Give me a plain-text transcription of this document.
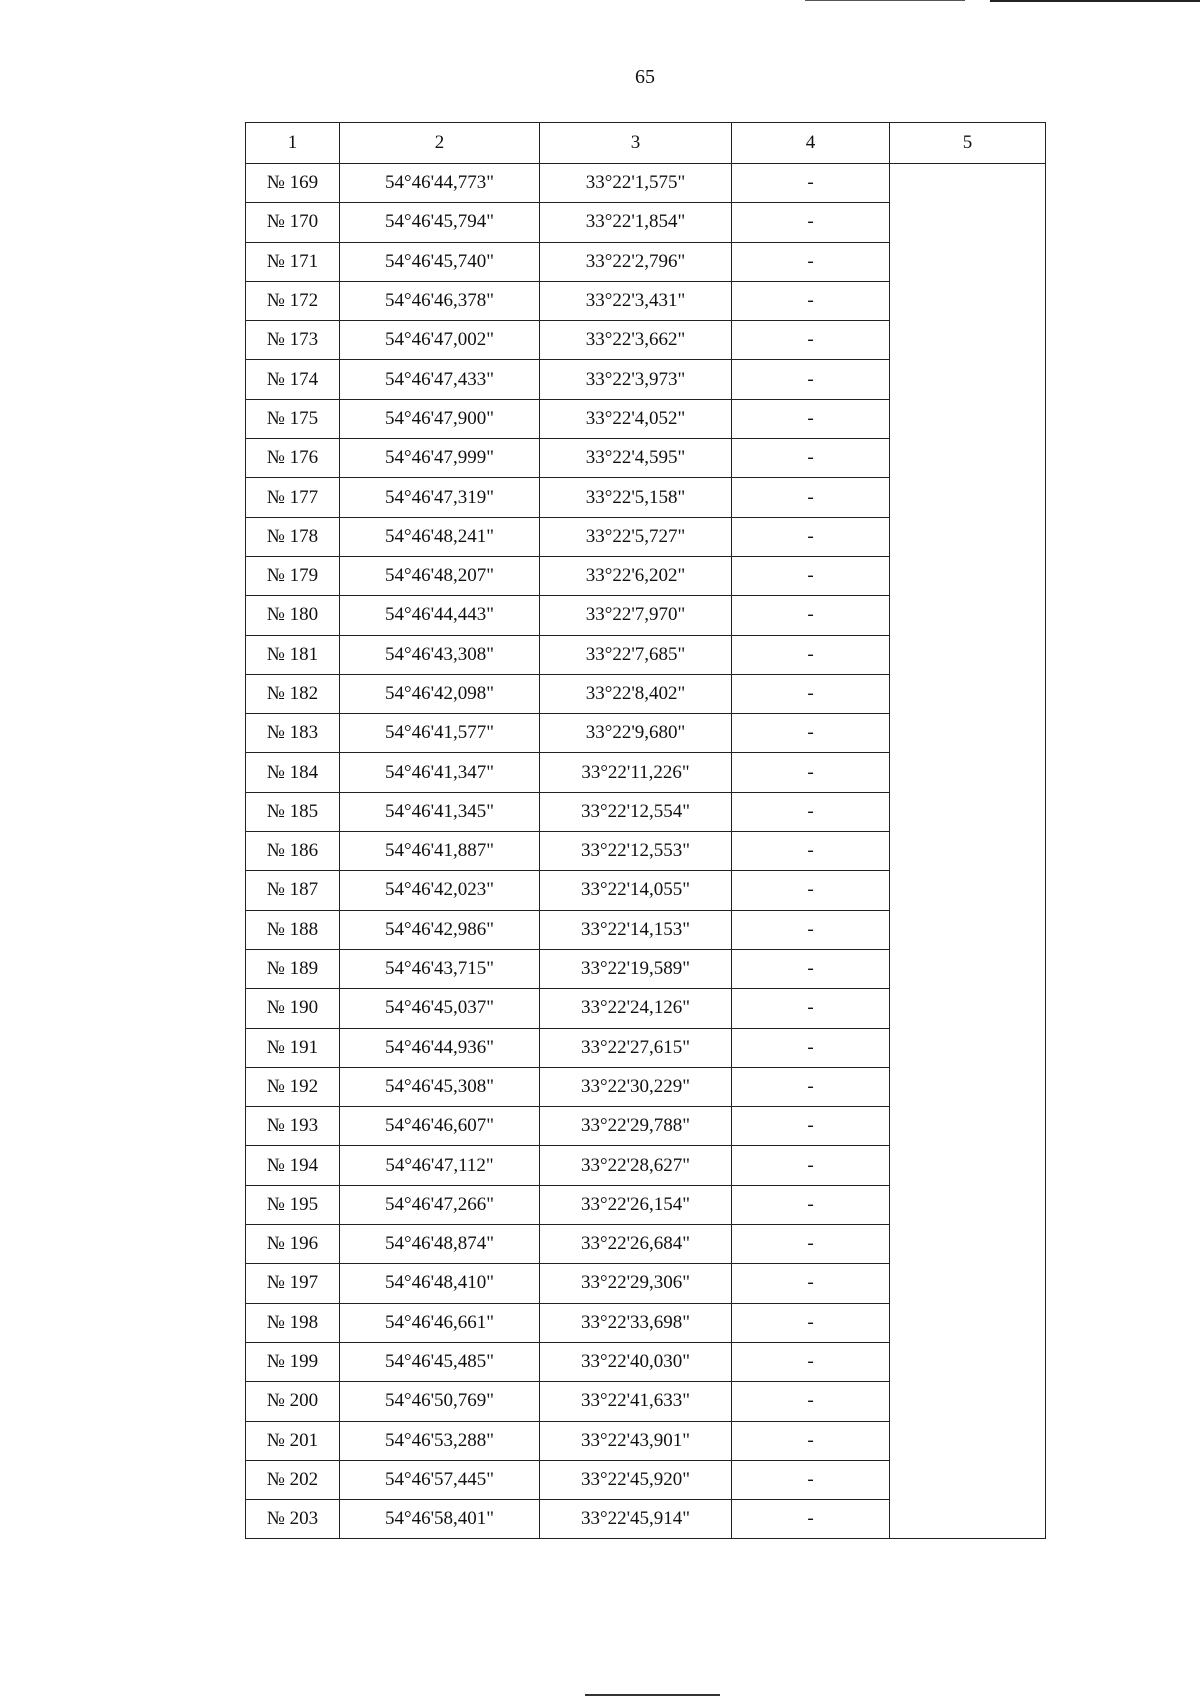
65
1	2	3	4	5
№ 169	54°46'44,773"	33°22'1,575"	-	
№ 170	54°46'45,794"	33°22'1,854"	-	
№ 171	54°46'45,740"	33°22'2,796"	-	
№ 172	54°46'46,378"	33°22'3,431"	-	
№ 173	54°46'47,002"	33°22'3,662"	-	
№ 174	54°46'47,433"	33°22'3,973"	-	
№ 175	54°46'47,900"	33°22'4,052"	-	
№ 176	54°46'47,999"	33°22'4,595"	-	
№ 177	54°46'47,319"	33°22'5,158"	-	
№ 178	54°46'48,241"	33°22'5,727"	-	
№ 179	54°46'48,207"	33°22'6,202"	-	
№ 180	54°46'44,443"	33°22'7,970"	-	
№ 181	54°46'43,308"	33°22'7,685"	-	
№ 182	54°46'42,098"	33°22'8,402"	-	
№ 183	54°46'41,577"	33°22'9,680"	-	
№ 184	54°46'41,347"	33°22'11,226"	-	
№ 185	54°46'41,345"	33°22'12,554"	-	
№ 186	54°46'41,887"	33°22'12,553"	-	
№ 187	54°46'42,023"	33°22'14,055"	-	
№ 188	54°46'42,986"	33°22'14,153"	-	
№ 189	54°46'43,715"	33°22'19,589"	-	
№ 190	54°46'45,037"	33°22'24,126"	-	
№ 191	54°46'44,936"	33°22'27,615"	-	
№ 192	54°46'45,308"	33°22'30,229"	-	
№ 193	54°46'46,607"	33°22'29,788"	-	
№ 194	54°46'47,112"	33°22'28,627"	-	
№ 195	54°46'47,266"	33°22'26,154"	-	
№ 196	54°46'48,874"	33°22'26,684"	-	
№ 197	54°46'48,410"	33°22'29,306"	-	
№ 198	54°46'46,661"	33°22'33,698"	-	
№ 199	54°46'45,485"	33°22'40,030"	-	
№ 200	54°46'50,769"	33°22'41,633"	-	
№ 201	54°46'53,288"	33°22'43,901"	-	
№ 202	54°46'57,445"	33°22'45,920"	-	
№ 203	54°46'58,401"	33°22'45,914"	-	
